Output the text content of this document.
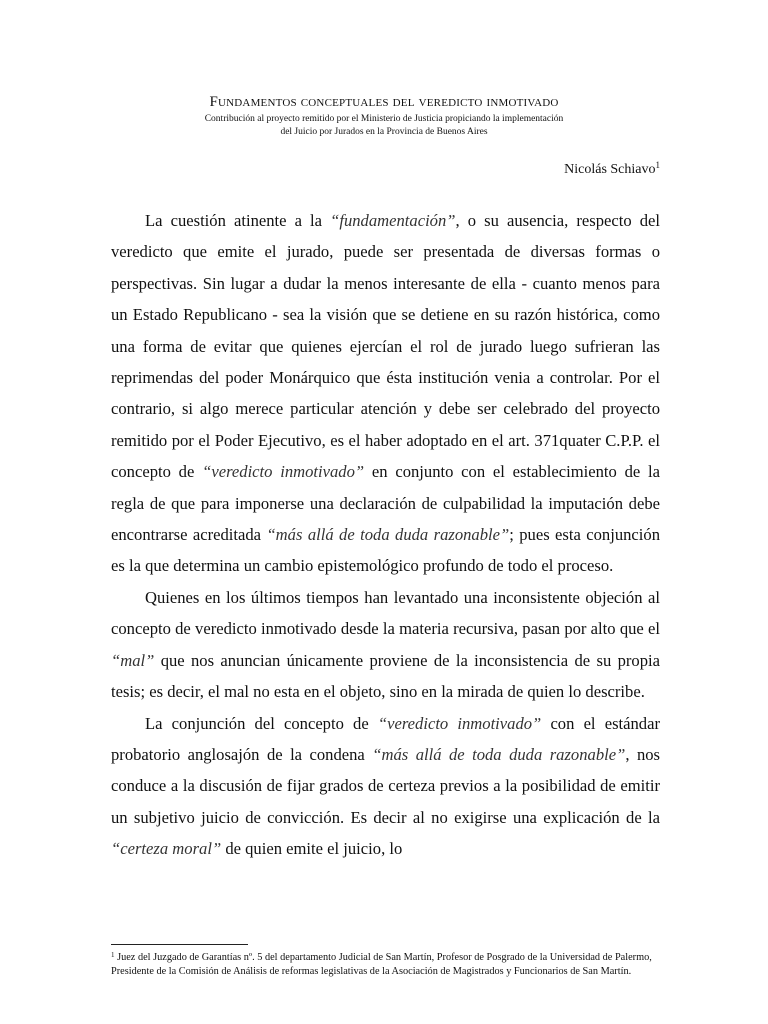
Fundamentos conceptuales del veredicto inmotivado
Contribución al proyecto remitido por el Ministerio de Justicia propiciando la implementación
del Juicio por Jurados en la Provincia de Buenos Aires
Nicolás Schiavo$^1$

La cuestión atinente a la “fundamentación”, o su ausencia, respecto del veredicto que emite el jurado, puede ser presentada de diversas formas o perspectivas. Sin lugar a dudar la menos interesante de ella - cuanto menos para un Estado Republicano - sea la visión que se detiene en su razón histórica, como una forma de evitar que quienes ejercían el rol de jurado luego sufrieran las reprimendas del poder Monárquico que ésta institución venia a controlar. Por el contrario, si algo merece particular atención y debe ser celebrado del proyecto remitido por el Poder Ejecutivo, es el haber adoptado en el art. 371quater C.P.P. el concepto de “veredicto inmotivado” en conjunto con el establecimiento de la regla de que para imponerse una declaración de culpabilidad la imputación debe encontrarse acreditada “más allá de toda duda razonable”; pues esta conjunción es la que determina un cambio epistemológico profundo de todo el proceso.

Quienes en los últimos tiempos han levantado una inconsistente objeción al concepto de veredicto inmotivado desde la materia recursiva, pasan por alto que el “mal” que nos anuncian únicamente proviene de la inconsistencia de su propia tesis; es decir, el mal no esta en el objeto, sino en la mirada de quien lo describe.

La conjunción del concepto de “veredicto inmotivado” con el estándar probatorio anglosajón de la condena “más allá de toda duda razonable”, nos conduce a la discusión de fijar grados de certeza previos a la posibilidad de emitir un subjetivo juicio de convicción. Es decir al no exigirse una explicación de la “certeza moral” de quien emite el juicio, lo

$^1$ Juez del Juzgado de Garantías nº. 5 del departamento Judicial de San Martín, Profesor de Posgrado de la Universidad de Palermo, Presidente de la Comisión de Análisis de reformas legislativas de la Asociación de Magistrados y Funcionarios de San Martín.
